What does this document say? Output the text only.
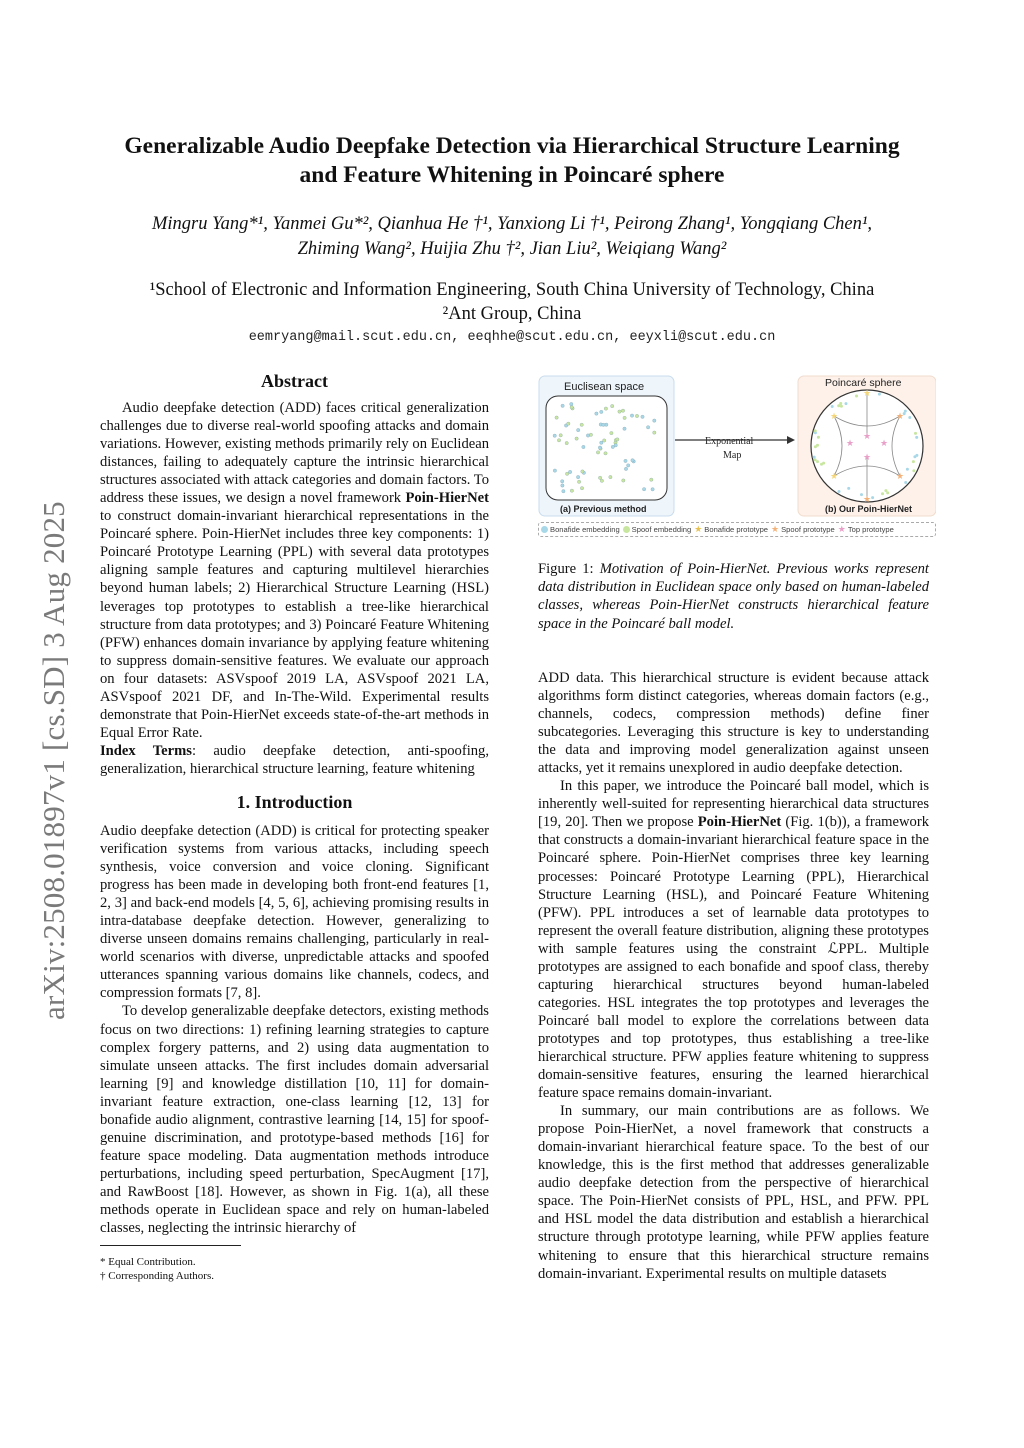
Generalizable Audio Deepfake Detection via Hierarchical Structure Learning
and Feature Whitening in Poincaré sphere
Mingru Yang*¹, Yanmei Gu*², Qianhua He †¹, Yanxiong Li †¹, Peirong Zhang¹, Yongqiang Chen¹,
Zhiming Wang², Huijia Zhu †², Jian Liu², Weiqiang Wang²
¹School of Electronic and Information Engineering, South China University of Technology, China
²Ant Group, China
eemryang@mail.scut.edu.cn, eeqhhe@scut.edu.cn, eeyxli@scut.edu.cn
arXiv:2508.01897v1 [cs.SD] 3 Aug 2025
Abstract

Audio deepfake detection (ADD) faces critical generalization challenges due to diverse real-world spoofing attacks and domain variations. However, existing methods primarily rely on Euclidean distances, failing to adequately capture the intrinsic hierarchical structures associated with attack categories and domain factors. To address these issues, we design a novel framework Poin-HierNet to construct domain-invariant hierarchical representations in the Poincaré sphere. Poin-HierNet includes three key components: 1) Poincaré Prototype Learning (PPL) with several data prototypes aligning sample features and capturing multilevel hierarchies beyond human labels; 2) Hierarchical Structure Learning (HSL) leverages top prototypes to establish a tree-like hierarchical structure from data prototypes; and 3) Poincaré Feature Whitening (PFW) enhances domain invariance by applying feature whitening to suppress domain-sensitive features. We evaluate our approach on four datasets: ASVspoof 2019 LA, ASVspoof 2021 LA, ASVspoof 2021 DF, and In-The-Wild. Experimental results demonstrate that Poin-HierNet exceeds state-of-the-art methods in Equal Error Rate.

Index Terms: audio deepfake detection, anti-spoofing, generalization, hierarchical structure learning, feature whitening

1. Introduction

Audio deepfake detection (ADD) is critical for protecting speaker verification systems from various attacks, including speech synthesis, voice conversion and voice cloning. Significant progress has been made in developing both front-end features [1, 2, 3] and back-end models [4, 5, 6], achieving promising results in intra-database deepfake detection. However, generalizing to diverse unseen domains remains challenging, particularly in real-world scenarios with diverse, unpredictable attacks and spoofed utterances spanning various domains like channels, codecs, and compression formats [7, 8].

To develop generalizable deepfake detectors, existing methods focus on two directions: 1) refining learning strategies to capture complex forgery patterns, and 2) using data augmentation to simulate unseen attacks. The first includes domain adversarial learning [9] and knowledge distillation [10, 11] for domain-invariant feature extraction, one-class learning [12, 13] for bonafide audio alignment, contrastive learning [14, 15] for spoof-genuine discrimination, and prototype-based methods [16] for feature space modeling. Data augmentation methods introduce perturbations, including speed perturbation, SpecAugment [17], and RawBoost [18]. However, as shown in Fig. 1(a), all these methods operate in Euclidean space and rely on human-labeled classes, neglecting the intrinsic hierarchy of

* Equal Contribution.
† Corresponding Authors.
Euclisean space
(a) Previous method
Exponential
Map
Poincaré sphere
★	★
★	★
★
★
★
★
★	★
(b) Our Poin-HierNet
Bonafide embedding Spoof embedding ★ Bonafide prototype ★ Spoof prototype ★ Top prototype
Figure 1: Motivation of Poin-HierNet. Previous works represent data distribution in Euclidean space only based on human-labeled classes, whereas Poin-HierNet constructs hierarchical feature space in the Poincaré ball model.

ADD data. This hierarchical structure is evident because attack algorithms form distinct categories, whereas domain factors (e.g., channels, codecs, compression methods) define finer subcategories. Leveraging this structure is key to understanding the data and improving model generalization against unseen attacks, yet it remains unexplored in audio deepfake detection.

In this paper, we introduce the Poincaré ball model, which is inherently well-suited for representing hierarchical data structures [19, 20]. Then we propose Poin-HierNet (Fig. 1(b)), a framework that constructs a domain-invariant hierarchical feature space in the Poincaré sphere. Poin-HierNet comprises three key learning processes: Poincaré Prototype Learning (PPL), Hierarchical Structure Learning (HSL), and Poincaré Feature Whitening (PFW). PPL introduces a set of learnable data prototypes to represent the overall feature distribution, aligning these prototypes with sample features using the constraint ℒPPL. Multiple prototypes are assigned to each bonafide and spoof class, thereby capturing hierarchical structures beyond human-labeled categories. HSL integrates the top prototypes and leverages the Poincaré ball model to explore the correlations between data prototypes and top prototypes, thus establishing a tree-like hierarchical structure. PFW applies feature whitening to suppress domain-sensitive features, ensuring the learned hierarchical feature space remains domain-invariant.

In summary, our main contributions are as follows. We propose Poin-HierNet, a novel framework that constructs a domain-invariant hierarchical feature space. To the best of our knowledge, this is the first method that addresses generalizable audio deepfake detection from the perspective of hierarchical space. The Poin-HierNet consists of PPL, HSL, and PFW. PPL and HSL model the data distribution and establish a hierarchical structure through prototype learning, while PFW applies feature whitening to ensure that this hierarchical structure remains domain-invariant. Experimental results on multiple datasets
